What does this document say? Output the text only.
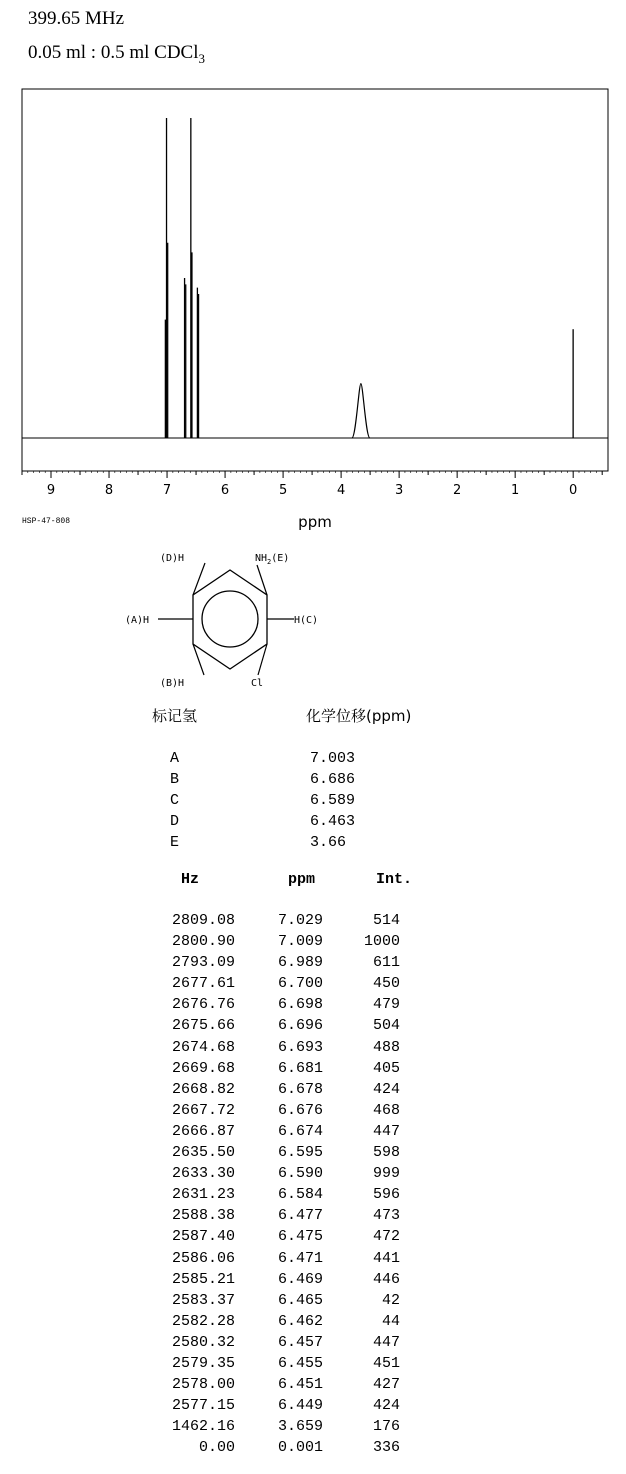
399.65 MHz
0.05 ml : 0.5 ml CDCl$_3$
9	8	7	6	5	4	3	2	1	0
ppm
HSP-47-808
(D)H	$NH_2(E)$
(A)H	H(C)
(B)H	Cl
标记氢	化学位移(ppm)
A	7.003
B	6.686
C	6.589
D	6.463
E	3.66
Hz	ppm	Int.
2809.08	7.029	514
2800.90	7.009	1000
2793.09	6.989	611
2677.61	6.700	450
2676.76	6.698	479
2675.66	6.696	504
2674.68	6.693	488
2669.68	6.681	405
2668.82	6.678	424
2667.72	6.676	468
2666.87	6.674	447
2635.50	6.595	598
2633.30	6.590	999
2631.23	6.584	596
2588.38	6.477	473
2587.40	6.475	472
2586.06	6.471	441
2585.21	6.469	446
2583.37	6.465	42
2582.28	6.462	44
2580.32	6.457	447
2579.35	6.455	451
2578.00	6.451	427
2577.15	6.449	424
1462.16	3.659	176
0.00	0.001	336
